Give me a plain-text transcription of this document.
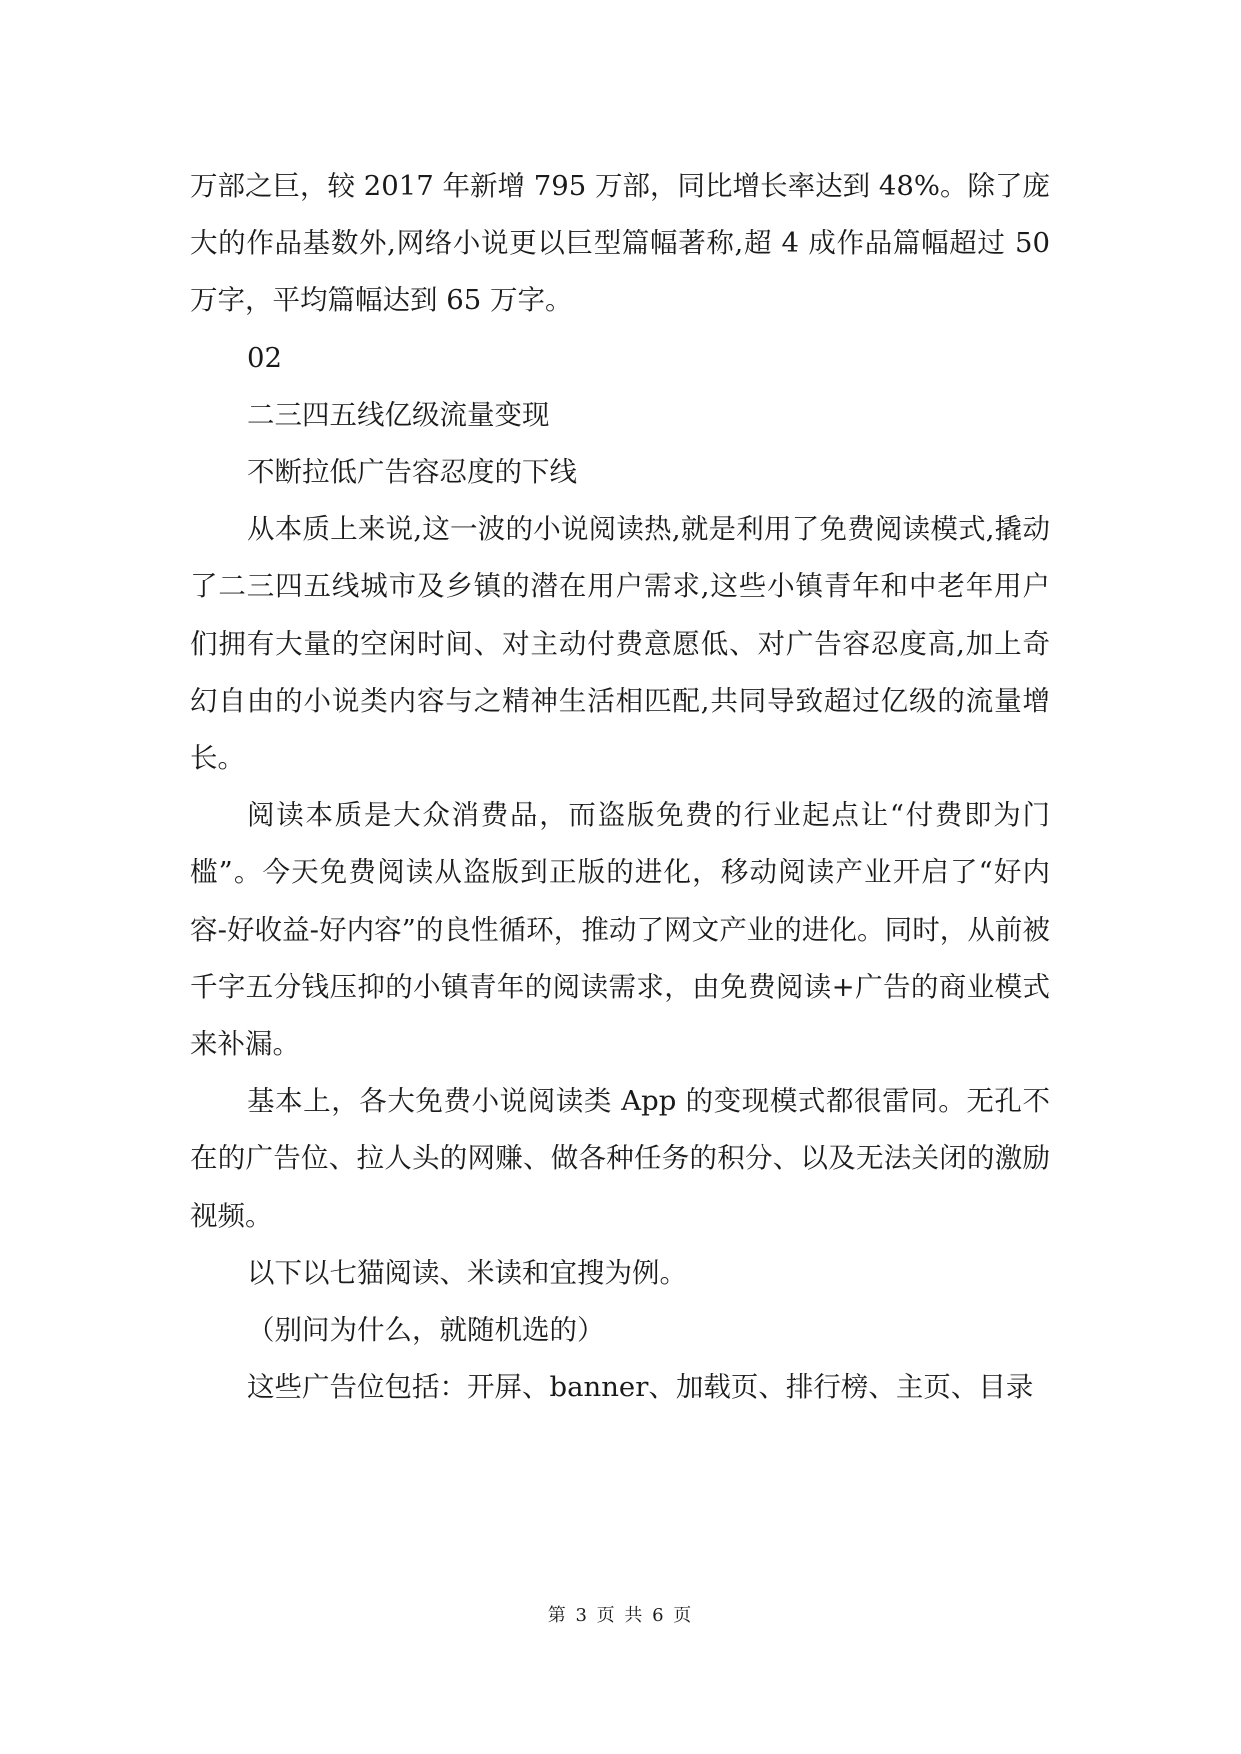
万部之巨，较 2017 年新增 795 万部，同比增长率达到 48%。除了庞大的作品基数外,网络小说更以巨型篇幅著称,超 4 成作品篇幅超过 50 万字，平均篇幅达到 65 万字。

02

二三四五线亿级流量变现

不断拉低广告容忍度的下线

从本质上来说,这一波的小说阅读热,就是利用了免费阅读模式,撬动了二三四五线城市及乡镇的潜在用户需求,这些小镇青年和中老年用户们拥有大量的空闲时间、对主动付费意愿低、对广告容忍度高,加上奇幻自由的小说类内容与之精神生活相匹配,共同导致超过亿级的流量增长。

阅读本质是大众消费品，而盗版免费的行业起点让“付费即为门槛”。今天免费阅读从盗版到正版的进化，移动阅读产业开启了“好内容-好收益-好内容”的良性循环，推动了网文产业的进化。同时，从前被千字五分钱压抑的小镇青年的阅读需求，由免费阅读+广告的商业模式来补漏。

基本上，各大免费小说阅读类 App 的变现模式都很雷同。无孔不在的广告位、拉人头的网赚、做各种任务的积分、以及无法关闭的激励视频。

以下以七猫阅读、米读和宜搜为例。

（别问为什么，就随机选的）

这些广告位包括：开屏、banner、加载页、排行榜、主页、目录

第 3 页 共 6 页
